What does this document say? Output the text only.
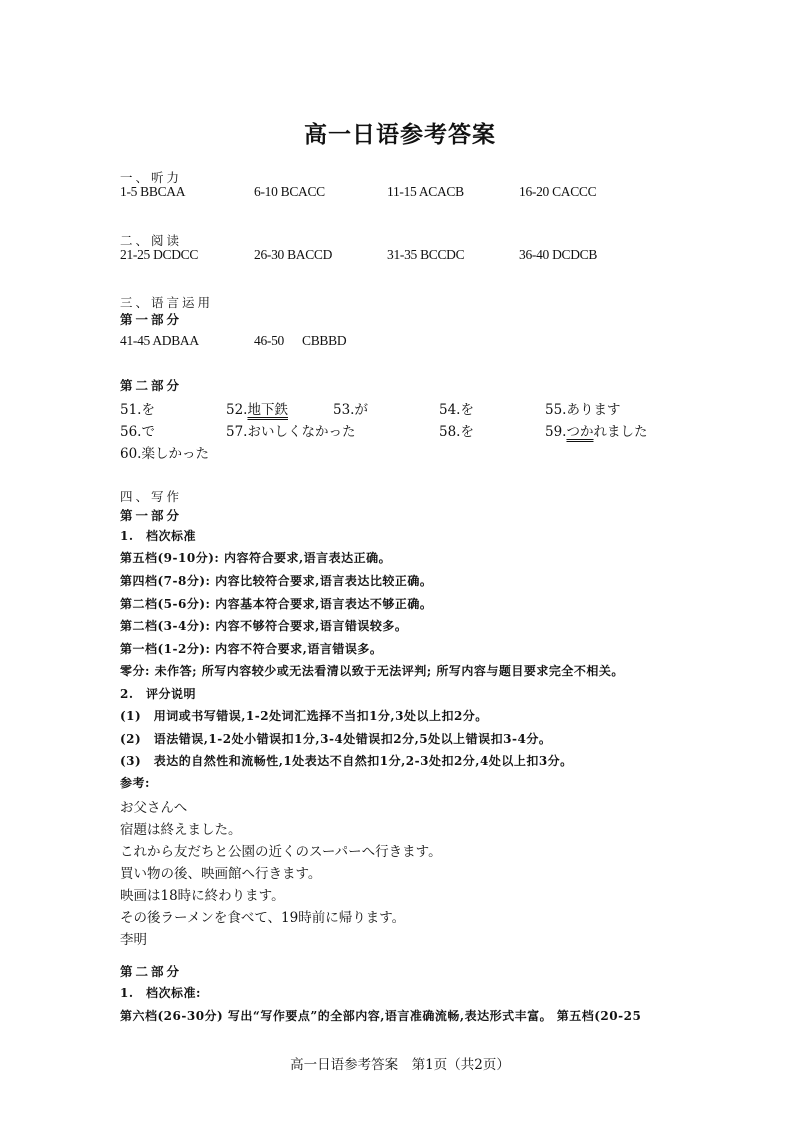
高一日语参考答案
一、听力
1-5 BBCAA	6-10 BCACC	11-15 ACACB	16-20 CACCC
二、阅读
21-25 DCDCC	26-30 BACCD	31-35 BCCDC	36-40 DCDCB
三、语言运用
第一部分
41-45 ADBAA	46-50 CBBBD
第二部分
51.を	52.地下鉄	53.が	54.を	55.あります
56.で	57.おいしくなかった	58.を	59.つかれました
60.楽しかった
四、写作
第一部分
1.　档次标准
第五档(9-10分): 内容符合要求,语言表达正确。
第四档(7-8分): 内容比较符合要求,语言表达比较正确。
第二档(5-6分): 内容基本符合要求,语言表达不够正确。
第二档(3-4分): 内容不够符合要求,语言错误较多。
第一档(1-2分): 内容不符合要求,语言错误多。
零分: 未作答; 所写内容较少或无法看清以致于无法评判; 所写内容与题目要求完全不相关。
2.　评分说明
(1)　用词或书写错误,1-2处词汇选择不当扣1分,3处以上扣2分。
(2)　语法错误,1-2处小错误扣1分,3-4处错误扣2分,5处以上错误扣3-4分。
(3)　表达的自然性和流畅性,1处表达不自然扣1分,2-3处扣2分,4处以上扣3分。
参考:
お父さんへ
宿題は終えました。
これから友だちと公園の近くのスーパーへ行きます。
買い物の後、映画館へ行きます。
映画は18時に終わります。
その後ラーメンを食べて、19時前に帰ります。
李明
第二部分
1.　档次标准:
第六档(26-30分) 写出“写作要点”的全部内容,语言准确流畅,表达形式丰富。 第五档(20-25
高一日语参考答案　第1页（共2页）
